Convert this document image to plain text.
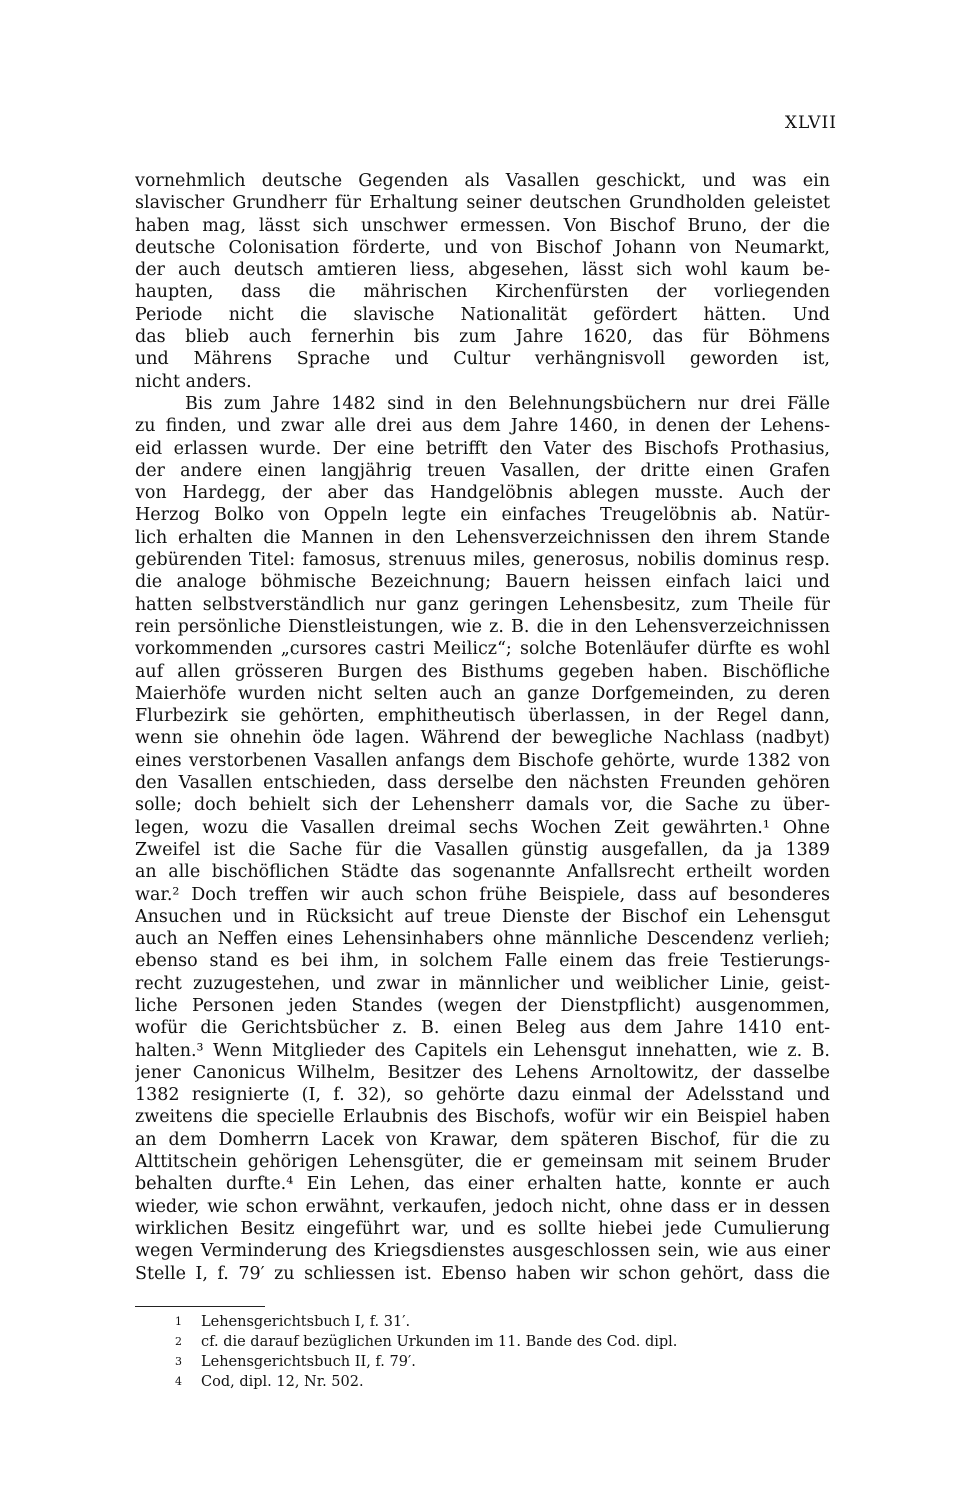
XLVII
vornehmlich deutsche Gegenden als Vasallen geschickt, und was ein
slavischer Grundherr für Erhaltung seiner deutschen Grundholden geleistet
haben mag, lässt sich unschwer ermessen. Von Bischof Bruno, der die
deutsche Colonisation förderte, und von Bischof Johann von Neumarkt,
der auch deutsch amtieren liess, abgesehen, lässt sich wohl kaum be-
haupten, dass die mährischen Kirchenfürsten der vorliegenden
Periode nicht die slavische Nationalität gefördert hätten. Und
das blieb auch fernerhin bis zum Jahre 1620, das für Böhmens
und Mährens Sprache und Cultur verhängnisvoll geworden ist,
nicht anders.
Bis zum Jahre 1482 sind in den Belehnungsbüchern nur drei Fälle
zu finden, und zwar alle drei aus dem Jahre 1460, in denen der Lehens-
eid erlassen wurde. Der eine betrifft den Vater des Bischofs Prothasius,
der andere einen langjährig treuen Vasallen, der dritte einen Grafen
von Hardegg, der aber das Handgelöbnis ablegen musste. Auch der
Herzog Bolko von Oppeln legte ein einfaches Treugelöbnis ab. Natür-
lich erhalten die Mannen in den Lehensverzeichnissen den ihrem Stande
gebürenden Titel: famosus, strenuus miles, generosus, nobilis dominus resp.
die analoge böhmische Bezeichnung; Bauern heissen einfach laici und
hatten selbstverständlich nur ganz geringen Lehensbesitz, zum Theile für
rein persönliche Dienstleistungen, wie z. B. die in den Lehensverzeichnissen
vorkommenden „cursores castri Meilicz“; solche Botenläufer dürfte es wohl
auf allen grösseren Burgen des Bisthums gegeben haben. Bischöfliche
Maierhöfe wurden nicht selten auch an ganze Dorfgemeinden, zu deren
Flurbezirk sie gehörten, emphitheutisch überlassen, in der Regel dann,
wenn sie ohnehin öde lagen. Während der bewegliche Nachlass (nadbyt)
eines verstorbenen Vasallen anfangs dem Bischofe gehörte, wurde 1382 von
den Vasallen entschieden, dass derselbe den nächsten Freunden gehören
solle; doch behielt sich der Lehensherr damals vor, die Sache zu über-
legen, wozu die Vasallen dreimal sechs Wochen Zeit gewährten.¹ Ohne
Zweifel ist die Sache für die Vasallen günstig ausgefallen, da ja 1389
an alle bischöflichen Städte das sogenannte Anfallsrecht ertheilt worden
war.² Doch treffen wir auch schon frühe Beispiele, dass auf besonderes
Ansuchen und in Rücksicht auf treue Dienste der Bischof ein Lehensgut
auch an Neffen eines Lehensinhabers ohne männliche Descendenz verlieh;
ebenso stand es bei ihm, in solchem Falle einem das freie Testierungs-
recht zuzugestehen, und zwar in männlicher und weiblicher Linie, geist-
liche Personen jeden Standes (wegen der Dienstpflicht) ausgenommen,
wofür die Gerichtsbücher z. B. einen Beleg aus dem Jahre 1410 ent-
halten.³ Wenn Mitglieder des Capitels ein Lehensgut innehatten, wie z. B.
jener Canonicus Wilhelm, Besitzer des Lehens Arnoltowitz, der dasselbe
1382 resignierte (I, f. 32), so gehörte dazu einmal der Adelsstand und
zweitens die specielle Erlaubnis des Bischofs, wofür wir ein Beispiel haben
an dem Domherrn Lacek von Krawar, dem späteren Bischof, für die zu
Alttitschein gehörigen Lehensgüter, die er gemeinsam mit seinem Bruder
behalten durfte.⁴ Ein Lehen, das einer erhalten hatte, konnte er auch
wieder, wie schon erwähnt, verkaufen, jedoch nicht, ohne dass er in dessen
wirklichen Besitz eingeführt war, und es sollte hiebei jede Cumulierung
wegen Verminderung des Kriegsdienstes ausgeschlossen sein, wie aus einer
Stelle I, f. 79′ zu schliessen ist. Ebenso haben wir schon gehört, dass die
1 Lehensgerichtsbuch I, f. 31′.
2 cf. die darauf bezüglichen Urkunden im 11. Bande des Cod. dipl.
3 Lehensgerichtsbuch II, f. 79′.
4 Cod, dipl. 12, Nr. 502.
